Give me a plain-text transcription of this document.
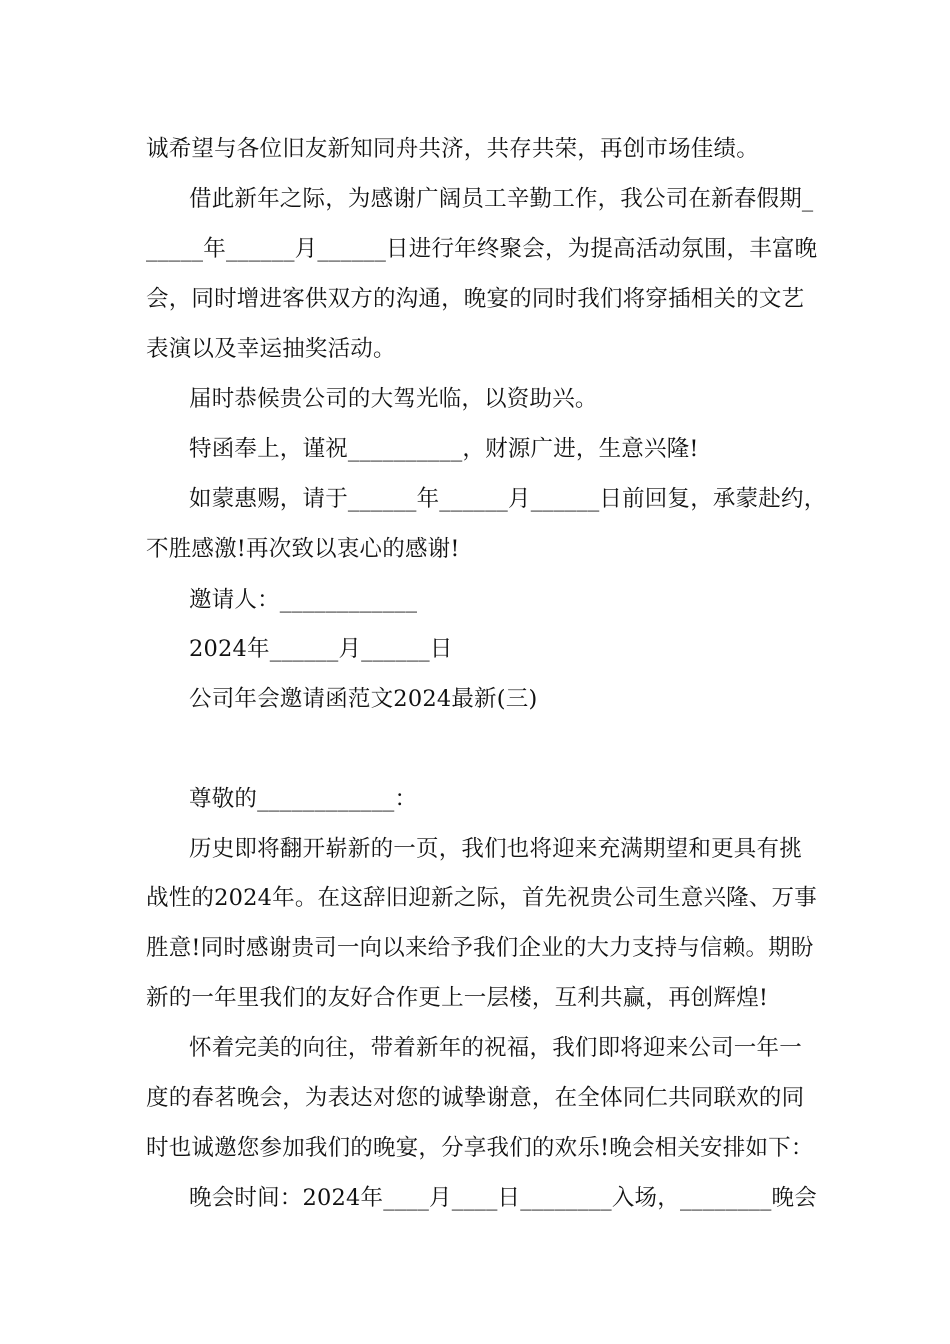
诚希望与各位旧友新知同舟共济，共存共荣，再创市场佳绩。
借此新年之际，为感谢广阔员工辛勤工作，我公司在新春假期_
_____年______月______日进行年终聚会，为提高活动氛围，丰富晚
会，同时增进客供双方的沟通，晚宴的同时我们将穿插相关的文艺
表演以及幸运抽奖活动。
届时恭候贵公司的大驾光临，以资助兴。
特函奉上，谨祝__________，财源广进，生意兴隆!
如蒙惠赐，请于______年______月______日前回复，承蒙赴约，
不胜感激!再次致以衷心的感谢!
邀请人：____________
2024年______月______日
公司年会邀请函范文2024最新(三)
尊敬的____________：
历史即将翻开崭新的一页，我们也将迎来充满期望和更具有挑
战性的2024年。在这辞旧迎新之际，首先祝贵公司生意兴隆、万事
胜意!同时感谢贵司一向以来给予我们企业的大力支持与信赖。期盼
新的一年里我们的友好合作更上一层楼，互利共赢，再创辉煌!
怀着完美的向往，带着新年的祝福，我们即将迎来公司一年一
度的春茗晚会，为表达对您的诚挚谢意，在全体同仁共同联欢的同
时也诚邀您参加我们的晚宴，分享我们的欢乐!晚会相关安排如下：
晚会时间：2024年____月____日________入场，________晚会
